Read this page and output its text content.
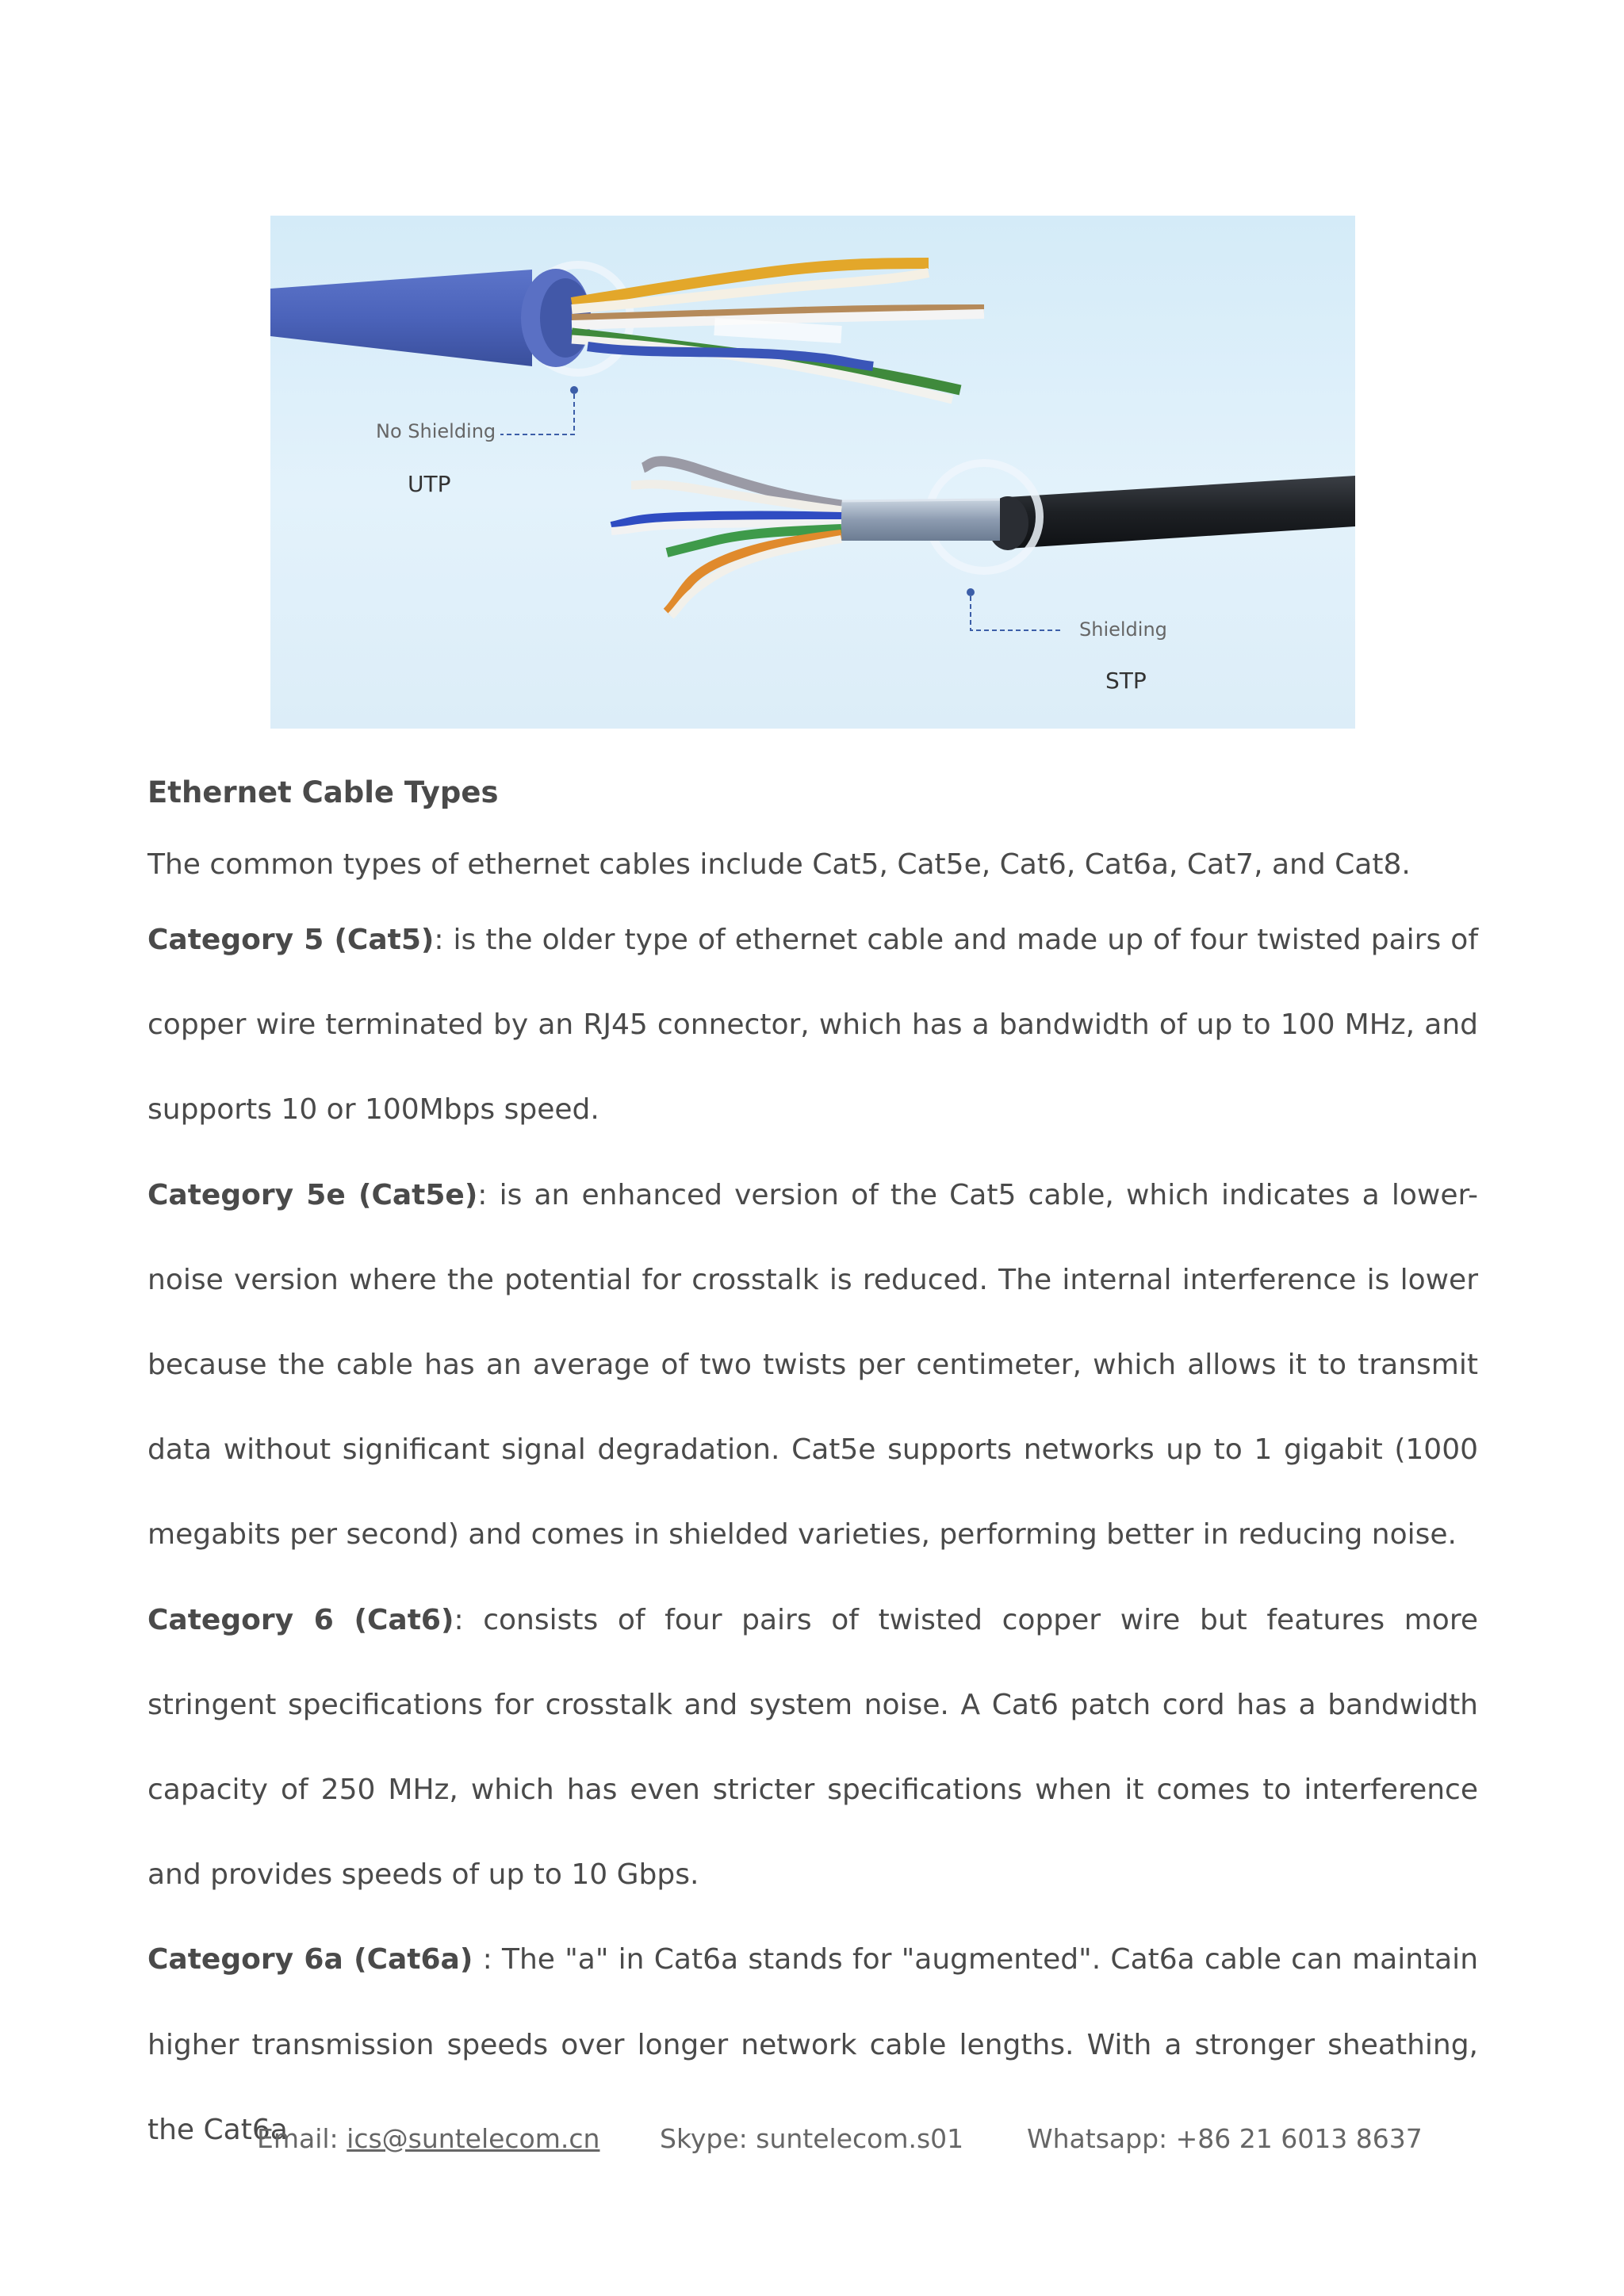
No Shielding
UTP
Shielding
STP
Ethernet Cable Types

The common types of ethernet cables include Cat5, Cat5e, Cat6, Cat6a, Cat7, and Cat8.

Category 5 (Cat5): is the older type of ethernet cable and made up of four twisted pairs of copper wire terminated by an RJ45 connector, which has a bandwidth of up to 100 MHz, and supports 10 or 100Mbps speed.

Category 5e (Cat5e): is an enhanced version of the Cat5 cable, which indicates a lower-noise version where the potential for crosstalk is reduced. The internal interference is lower because the cable has an average of two twists per centimeter, which allows it to transmit data without significant signal degradation. Cat5e supports networks up to 1 gigabit (1000 megabits per second) and comes in shielded varieties, performing better in reducing noise.

Category 6 (Cat6): consists of four pairs of twisted copper wire but features more stringent specifications for crosstalk and system noise. A Cat6 patch cord has a bandwidth capacity of 250 MHz, which has even stricter specifications when it comes to interference and provides speeds of up to 10 Gbps.

Category 6a (Cat6a) : The "a" in Cat6a stands for "augmented". Cat6a cable can maintain higher transmission speeds over longer network cable lengths. With a stronger sheathing, the Cat6a

Email: ics@suntelecom.cn Skype: suntelecom.s01 Whatsapp: +86 21 6013 8637
